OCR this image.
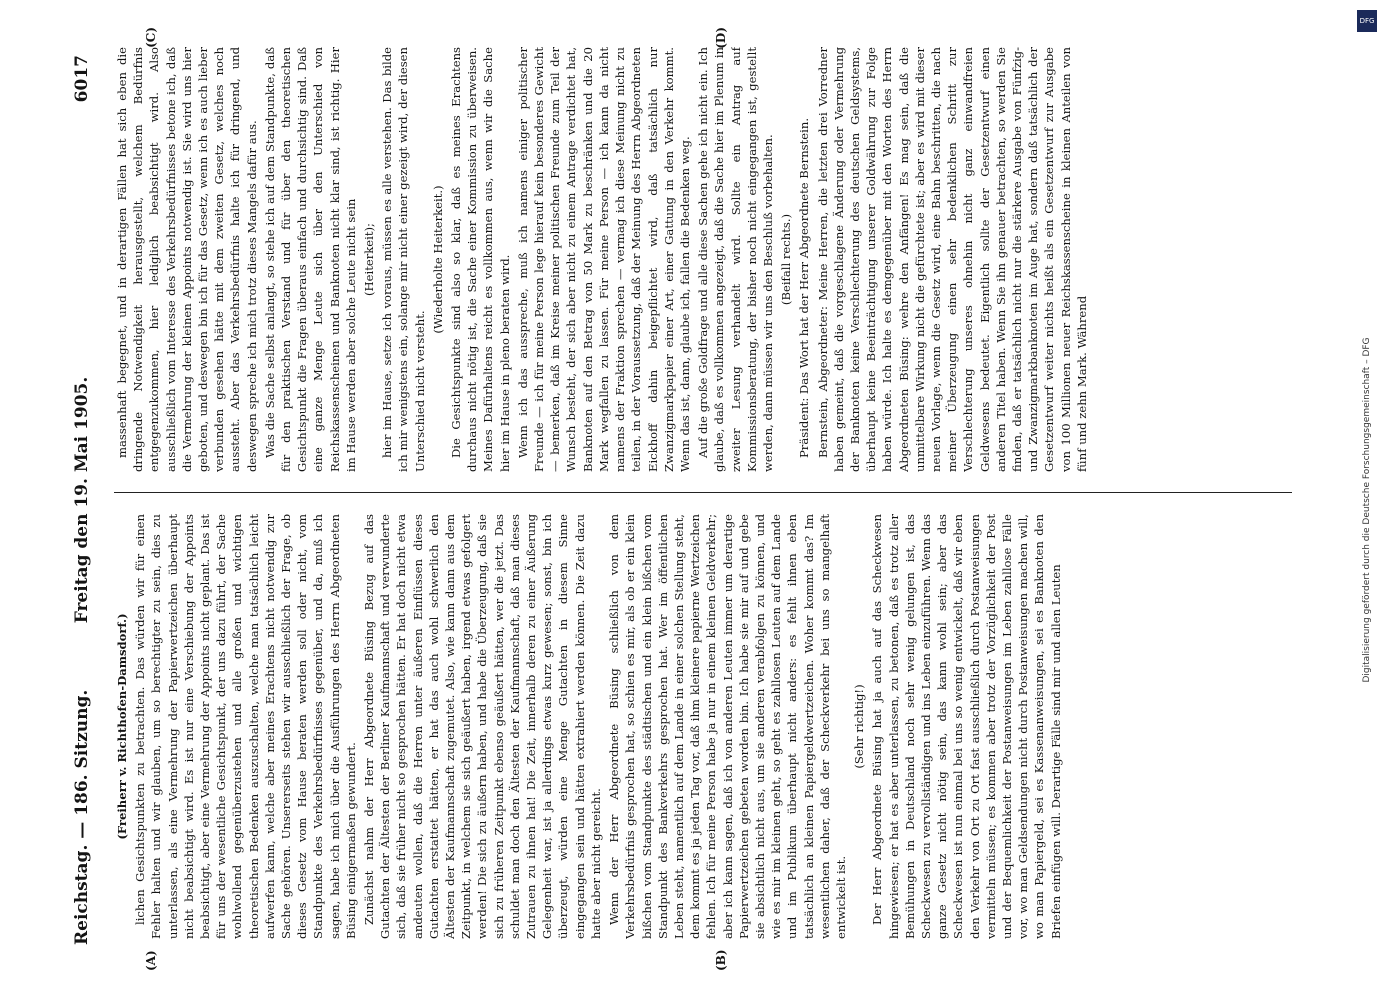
Reichstag. — 186. Sitzung.
Freitag den 19. Mai 1905.
6017
(A)	(B)
(C)	(D)

(Freiherr v. Richthofen-Damsdorf.) lichen Gesichtspunkten zu betrachten. Das würden wir für einen Fehler halten und wir glauben, um so berechtigter zu sein, dies zu unterlassen, als eine Vermehrung der Papierwertzeichen überhaupt nicht beabsichtigt wird. Es ist nur eine Verschiebung der Appoints beabsichtigt, aber eine Vermehrung der Appoints nicht geplant. Das ist für uns der wesentliche Gesichtspunkt, der uns dazu führt, der Sache wohlwollend gegenüberzustehen und alle großen und wichtigen theoretischen Bedenken auszuschalten, welche man tatsächlich leicht aufwerfen kann, welche aber meines Erachtens nicht notwendig zur Sache gehören. Unsererseits stehen wir ausschließlich der Frage, ob dieses Gesetz vom Hause beraten werden soll oder nicht, vom Standpunkte des Verkehrsbedürfnisses gegenüber, und da, muß ich sagen, habe ich mich über die Ausführungen des Herrn Abgeordneten Büsing einigermaßen gewundert. Zunächst nahm der Herr Abgeordnete Büsing Bezug auf das Gutachten der Ältesten der Berliner Kaufmannschaft und verwunderte sich, daß sie früher nicht so gesprochen hätten. Er hat doch nicht etwa andeuten wollen, daß die Herren unter äußeren Einflüssen dieses Gutachten erstattet hätten, er hat das auch wohl schwerlich den Ältesten der Kaufmannschaft zugemutet. Also, wie kann dann aus dem Zeitpunkt, in welchem sie sich geäußert haben, irgend etwas gefolgert werden! Die sich zu äußern haben, und habe die Überzeugung, daß sie sich zu früheren Zeitpunkt ebenso geäußert hätten, wer die jetzt. Das schuldet man doch den Ältesten der Kaufmannschaft, daß man dieses Zutrauen zu ihnen hat! Die Zeit, innerhalb deren zu einer Äußerung Gelegenheit war, ist ja allerdings etwas kurz gewesen; sonst, bin ich überzeugt, würden eine Menge Gutachten in diesem Sinne eingegangen sein und hätten extrahiert werden können. Die Zeit dazu hatte aber nicht gereicht. Wenn der Herr Abgeordnete Büsing schließlich von dem Verkehrsbedürfnis gesprochen hat, so schien es mir, als ob er ein klein bißchen vom Standpunkte des städtischen und ein klein bißchen vom Standpunkt des Bankverkehrs gesprochen hat. Wer im öffentlichen Leben steht, namentlich auf dem Lande in einer solchen Stellung steht, dem kommt es ja jeden Tag vor, daß ihm kleinere papierne Wertzeichen fehlen. Ich für meine Person habe ja nur in einem kleinen Geldverkehr; aber ich kann sagen, daß ich von anderen Leuten immer um derartige Papierwertzeichen gebeten worden bin. Ich habe sie mir auf und gebe sie absichtlich nicht aus, um sie anderen verabfolgen zu können, und wie es mir im kleinen geht, so geht es zahllosen Leuten auf dem Lande und im Publikum überhaupt nicht anders: es fehlt ihnen eben tatsächlich an kleinen Papiergeldwertzeichen. Woher kommt das? Im wesentlichen daher, daß der Scheckverkehr bei uns so mangelhaft entwickelt ist.

(Sehr richtig!) Der Herr Abgeordnete Büsing hat ja auch auf das Scheckwesen hingewiesen; er hat es aber unterlassen, zu betonen, daß es trotz aller Bemühungen in Deutschland noch sehr wenig gelungen ist, das Scheckwesen zu vervollständigen und ins Leben einzuführen. Wenn das ganze Gesetz nicht nötig sein, das kann wohl sein; aber das Scheckwesen ist nun einmal bei uns so wenig entwickelt, daß wir eben den Verkehr von Ort zu Ort fast ausschließlich durch Postanweisungen vermitteln müssen; es kommen aber trotz der Vorzüglichkeit der Post und der Bequemlichkeit der Postanweisungen im Leben zahllose Fälle vor, wo man Geldsendungen nicht durch Postanweisungen machen will, wo man Papiergeld, sei es Kassenanweisungen, sei es Banknoten den Briefen einfügen will. Derartige Fälle sind mir und allen Leuten

massenhaft begegnet, und in derartigen Fällen hat sich eben die dringende Notwendigkeit herausgestellt, welchem Bedürfnis entgegenzukommen, hier lediglich beabsichtigt wird. Also ausschließlich vom Interesse des Verkehrsbedürfnisses betone ich, daß die Vermehrung der kleinen Appoints notwendig ist. Sie wird uns hier geboten, und deswegen bin ich für das Gesetz, wenn ich es auch lieber verbunden gesehen hätte mit dem zweiten Gesetz, welches noch aussteht. Aber das Verkehrsbedürfnis halte ich für dringend, und deswegen spreche ich mich trotz dieses Mangels dafür aus. Was die Sache selbst anlangt, so stehe ich auf dem Standpunkte, daß für den praktischen Verstand und für über den theoretischen Gesichtspunkt die Fragen überaus einfach und durchsichtig sind. Daß eine ganze Menge Leute sich über den Unterschied von Reichskassenscheinen und Banknoten nicht klar sind, ist richtig. Hier im Hause werden aber solche Leute nicht sein (Heiterkeit); hier im Hause, setze ich voraus, müssen es alle verstehen. Das bilde ich mir wenigstens ein, solange mir nicht einer gezeigt wird, der diesen Unterschied nicht versteht.

(Wiederholte Heiterkeit.) Die Gesichtspunkte sind also so klar, daß es meines Erachtens durchaus nicht nötig ist, die Sache einer Kommission zu überweisen. Meines Dafürhaltens reicht es vollkommen aus, wenn wir die Sache hier im Hause in pleno beraten wird. Wenn ich das ausspreche, muß ich namens einiger politischer Freunde — ich für meine Person lege hierauf kein besonderes Gewicht — bemerken, daß im Kreise meiner politischen Freunde zum Teil der Wunsch besteht, der sich aber nicht zu einem Antrage verdichtet hat, Banknoten auf den Betrag von 50 Mark zu beschränken und die 20 Mark wegfallen zu lassen. Für meine Person — ich kann da nicht namens der Fraktion sprechen — vermag ich diese Meinung nicht zu teilen, in der Voraussetzung, daß der Meinung des Herrn Abgeordneten Eickhoff dahin beigepflichtet wird, daß tatsächlich nur Zwanzigmarkpapier einer Art, einer Gattung in den Verkehr kommt. Wenn das ist, dann, glaube ich, fallen die Bedenken weg. Auf die große Goldfrage und alle diese Sachen gehe ich nicht ein. Ich glaube, daß es vollkommen angezeigt, daß die Sache hier im Plenum in zweiter Lesung verhandelt wird. Sollte ein Antrag auf Kommissionsberatung, der bisher noch nicht eingegangen ist, gestellt werden, dann müssen wir uns den Beschluß vorbehalten. (Beifall rechts.) Präsident: Das Wort hat der Herr Abgeordnete Bernstein. Bernstein, Abgeordneter: Meine Herren, die letzten drei Vorredner haben gemeint, daß die vorgeschlagene Änderung oder Vermehrung der Banknoten keine Verschlechterung des deutschen Geldsystems, überhaupt keine Beeinträchtigung unserer Goldwährung zur Folge haben würde. Ich halte es demgegenüber mit den Worten des Herrn Abgeordneten Büsing: wehre den Anfängen! Es mag sein, daß die unmittelbare Wirkung nicht die gefürchtete ist; aber es wird mit dieser neuen Vorlage, wenn die Gesetz wird, eine Bahn beschritten, die nach meiner Überzeugung einen sehr bedenklichen Schritt zur Verschlechterung unseres ohnehin nicht ganz einwandfreien Geldwesens bedeutet. Eigentlich sollte der Gesetzentwurf einen anderen Titel haben. Wenn Sie ihn genauer betrachten, so werden Sie finden, daß er tatsächlich nicht nur die stärkere Ausgabe von Fünfzig- und Zwanzigmarkbanknoten im Auge hat, sondern daß tatsächlich der Gesetzentwurf weiter nichts heißt als ein Gesetzentwurf zur Ausgabe von 100 Millionen neuer Reichskassenscheine in kleinen Anteilen von fünf und zehn Mark. Während

DFG
Digitalisierung gefördert durch die Deutsche Forschungsgemeinschaft – DFG
